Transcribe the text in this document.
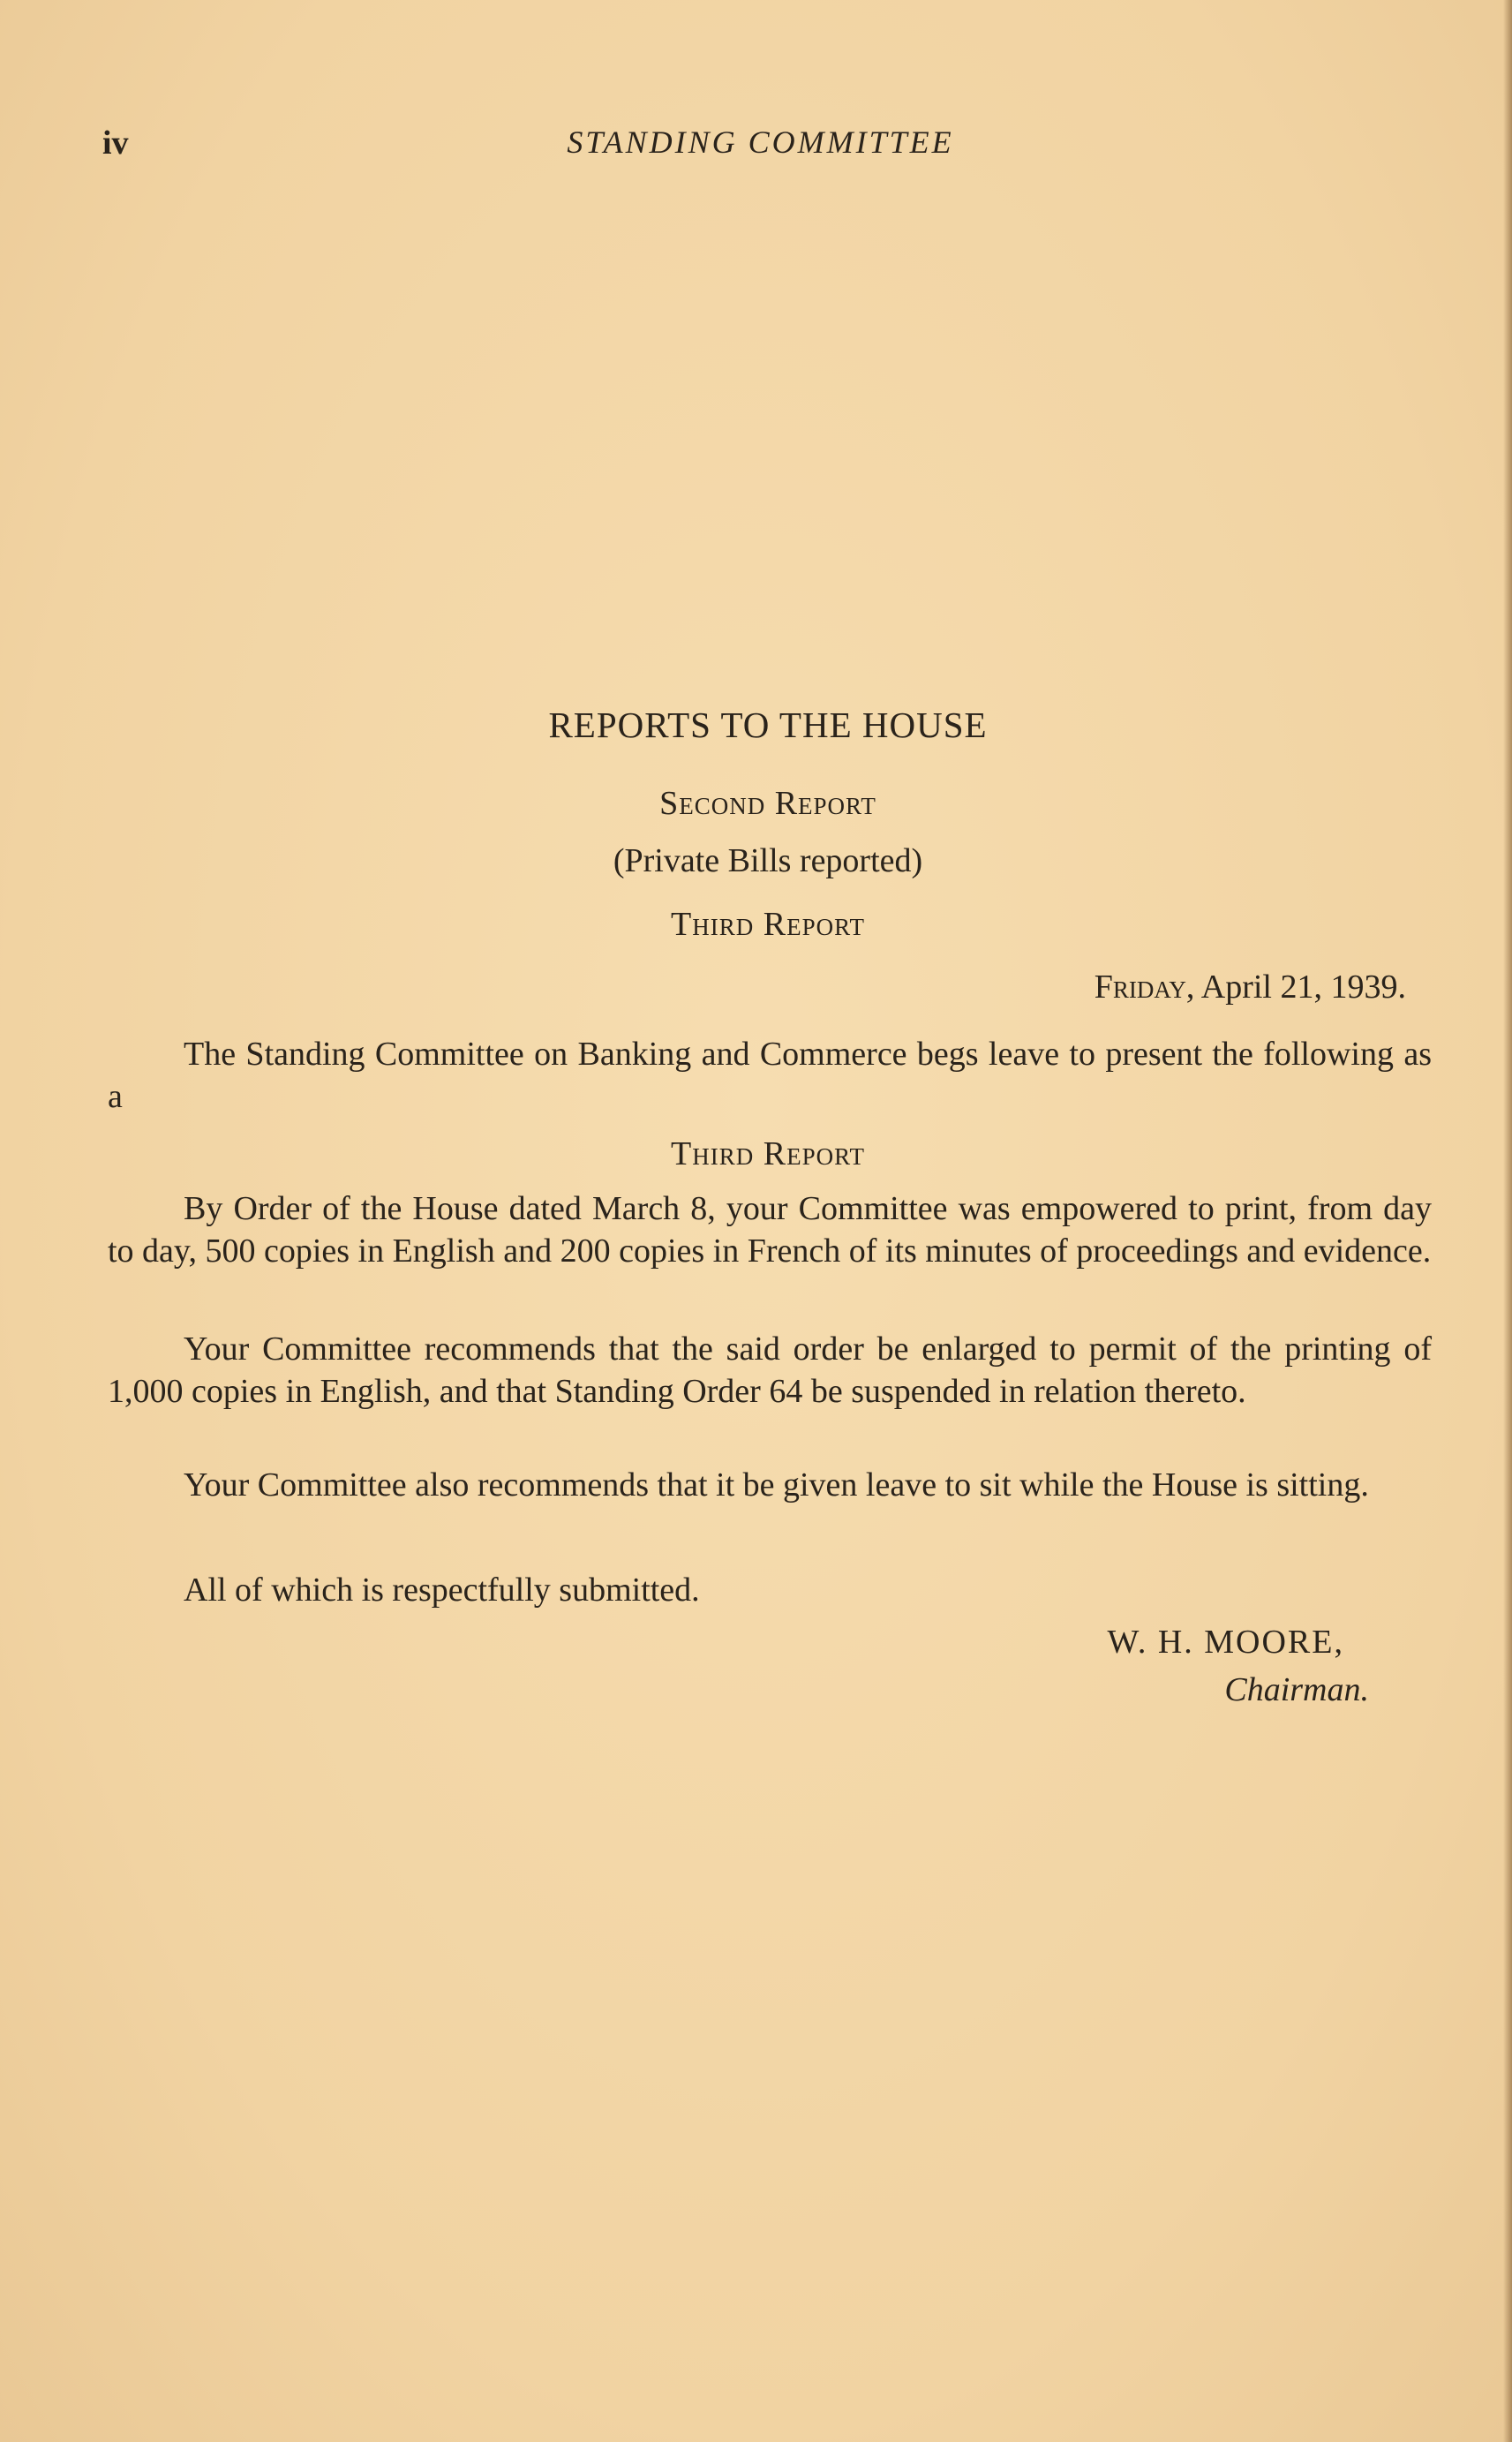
iv	STANDING COMMITTEE
REPORTS TO THE HOUSE
Second Report
(Private Bills reported)
Third Report
Friday, April 21, 1939.
The Standing Committee on Banking and Commerce begs leave to present the following as a
Third Report
By Order of the House dated March 8, your Committee was empowered to print, from day to day, 500 copies in English and 200 copies in French of its minutes of proceedings and evidence.
Your Committee recommends that the said order be enlarged to permit of the printing of 1,000 copies in English, and that Standing Order 64 be suspended in relation thereto.
Your Committee also recommends that it be given leave to sit while the House is sitting.
All of which is respectfully submitted.
W. H. MOORE,
Chairman.
